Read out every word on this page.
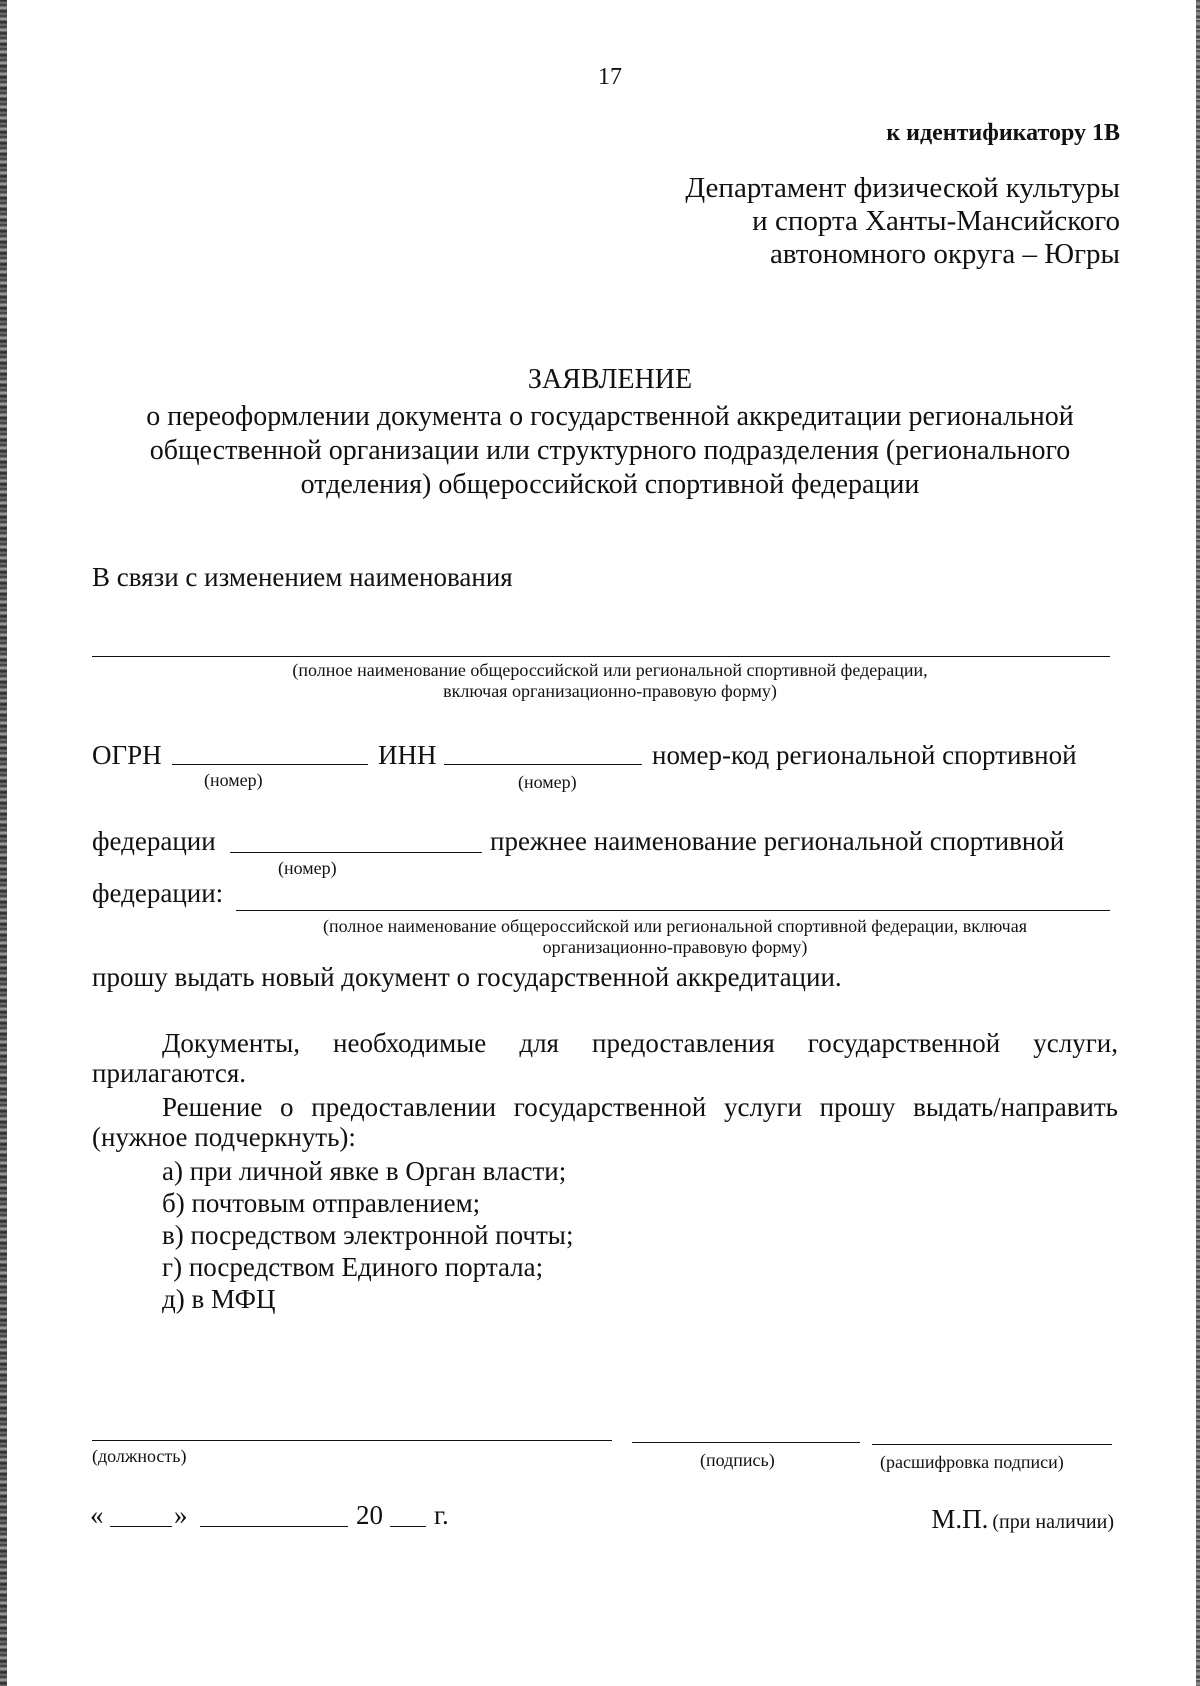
17
к идентификатору 1В
Департамент физической культуры
и спорта Ханты-Мансийского
автономного округа – Югры
ЗАЯВЛЕНИЕ
о переоформлении документа о государственной аккредитации региональной
общественной организации или структурного подразделения (регионального
отделения) общероссийской спортивной федерации
В связи с изменением наименования
(полное наименование общероссийской или региональной спортивной федерации,
включая организационно-правовую форму)
ОГРН
(номер)
ИНН
(номер)
номер-код региональной спортивной
федерации
(номер)
прежнее наименование региональной спортивной
федерации:
(полное наименование общероссийской или региональной спортивной федерации, включая
организационно-правовую форму)
прошу выдать новый документ о государственной аккредитации.
Документы, необходимые для предоставления государственной услуги,
прилагаются.
Решение о предоставлении государственной услуги прошу выдать/направить
(нужное подчеркнуть):
а) при личной явке в Орган власти;
б) почтовым отправлением;
в) посредством электронной почты;
г) посредством Единого портала;
д) в МФЦ
(должность)	(подпись)	(расшифровка подписи)
«	»	20 г.	М.П. (при наличии)
